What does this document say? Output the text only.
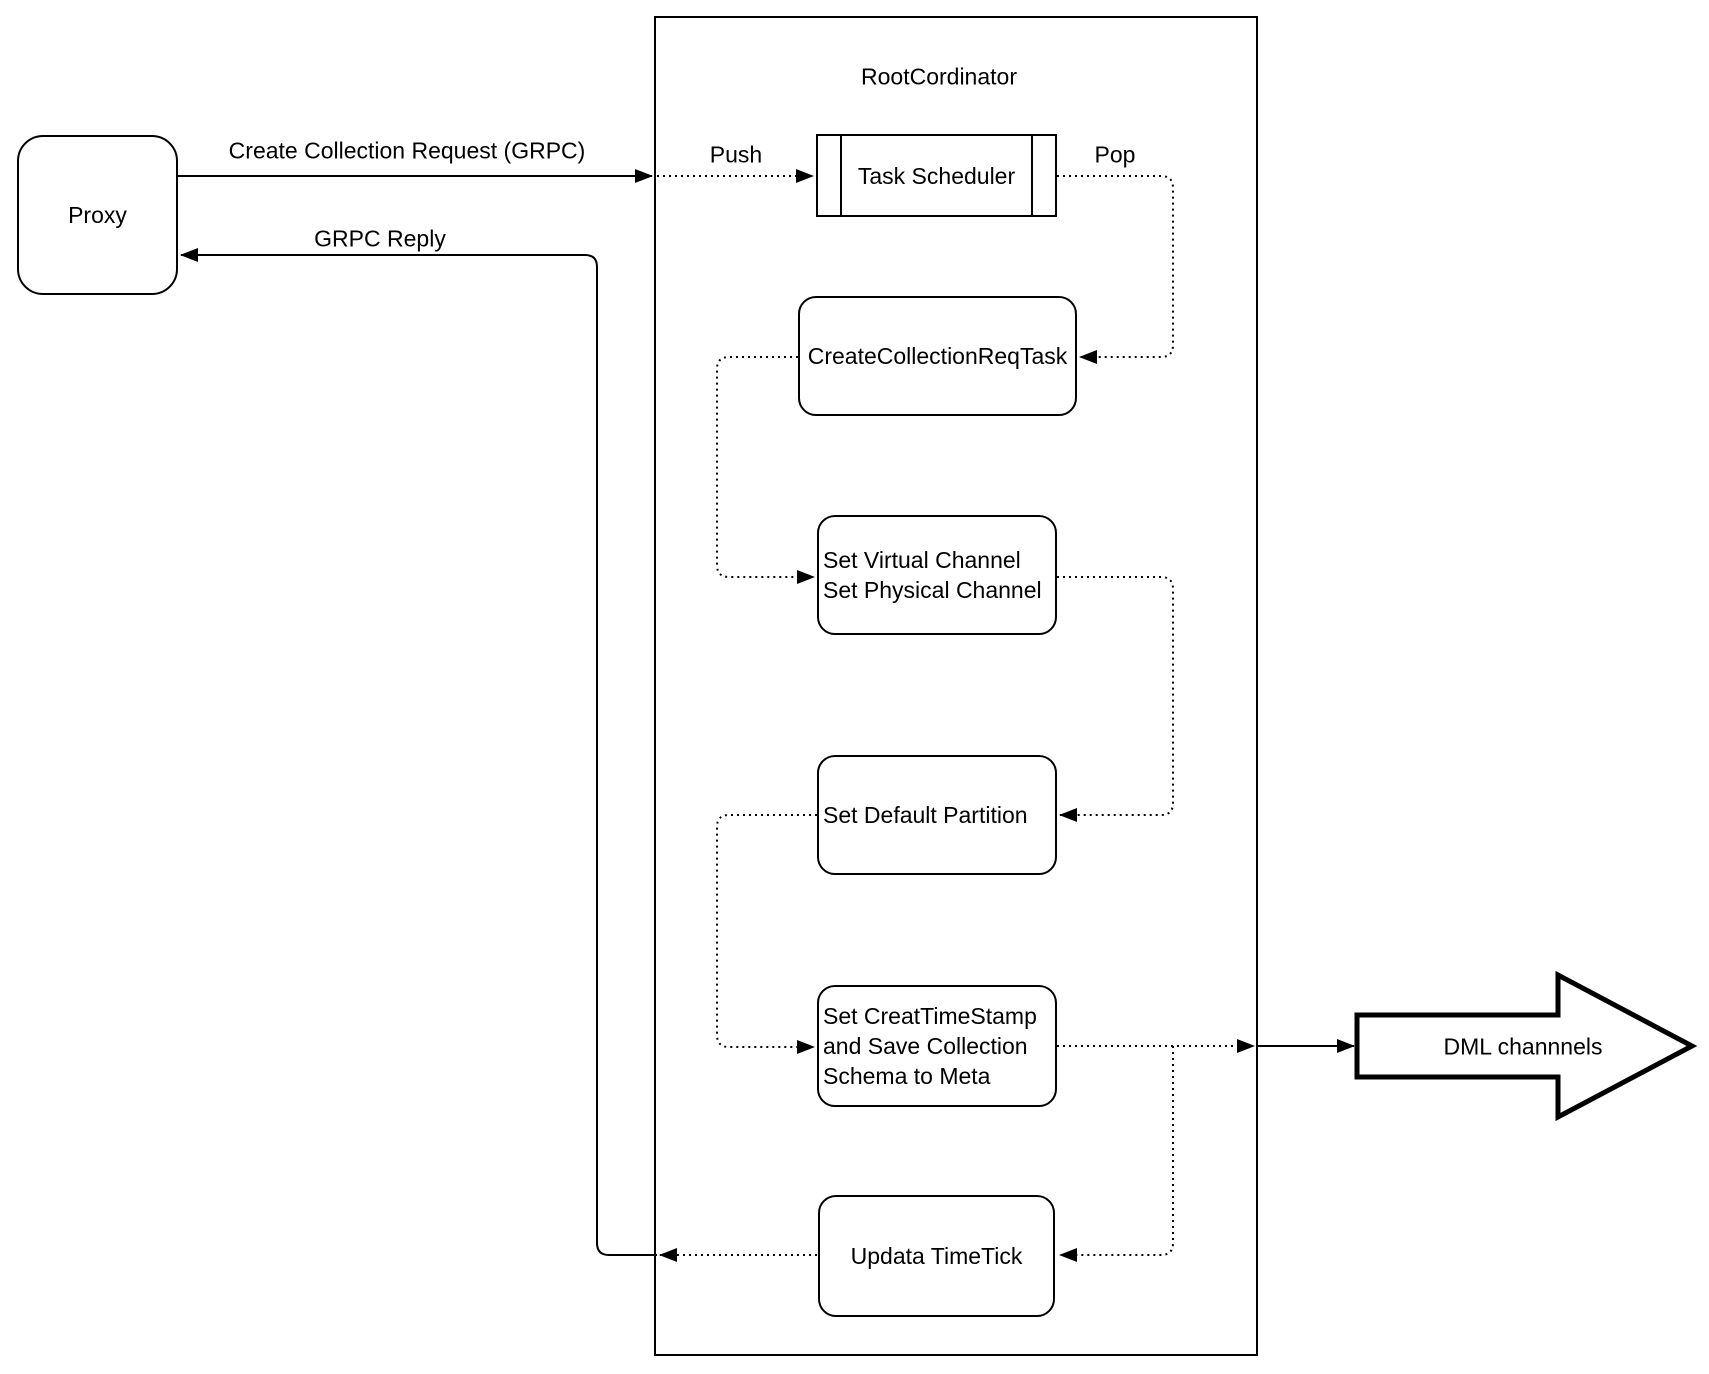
RootCordinator
Proxy
Task Scheduler
CreateCollectionReqTask
Set Virtual Channel
Set Physical Channel
Set Default Partition
Set CreatTimeStamp
and Save Collection
Schema to Meta
Updata TimeTick
DML channnels
Create Collection Request (GRPC)
GRPC Reply
Push	Pop
